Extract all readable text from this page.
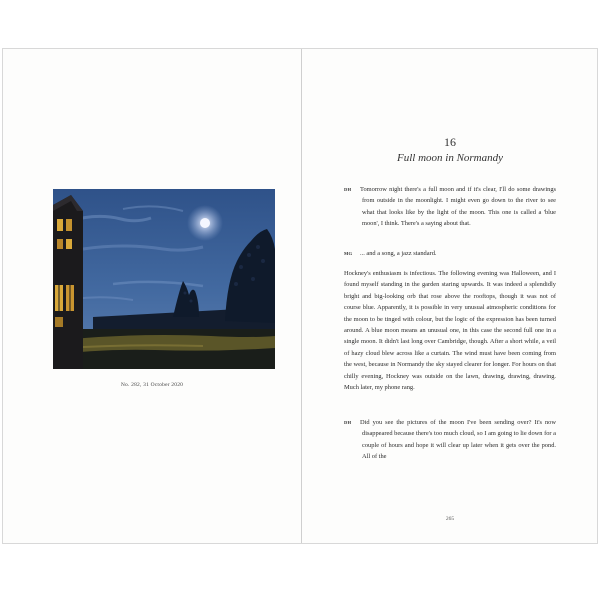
No. 282, 31 October 2020
16
Full moon in Normandy
DH Tomorrow night there's a full moon and if it's clear, I'll do some drawings from outside in the moonlight. I might even go down to the river to see what that looks like by the light of the moon. This one is called a 'blue moon', I think. There's a saying about that.
MG ... and a song, a jazz standard.
Hockney's enthusiasm is infectious. The following evening was Halloween, and I found myself standing in the garden staring upwards. It was indeed a splendidly bright and big-looking orb that rose above the rooftops, though it was not of course blue. Apparently, it is possible in very unusual atmospheric conditions for the moon to be tinged with colour, but the logic of the expression has been turned around. A blue moon means an unusual one, in this case the second full one in a single moon. It didn't last long over Cambridge, though. After a short while, a veil of hazy cloud blew across like a curtain. The wind must have been coming from the west, because in Normandy the sky stayed clearer for longer. For hours on that chilly evening, Hockney was outside on the lawn, drawing, drawing, drawing. Much later, my phone rang.
DH Did you see the pictures of the moon I've been sending over? It's now disappeared because there's too much cloud, so I am going to lie down for a couple of hours and hope it will clear up later when it gets over the pond. All of the
265
